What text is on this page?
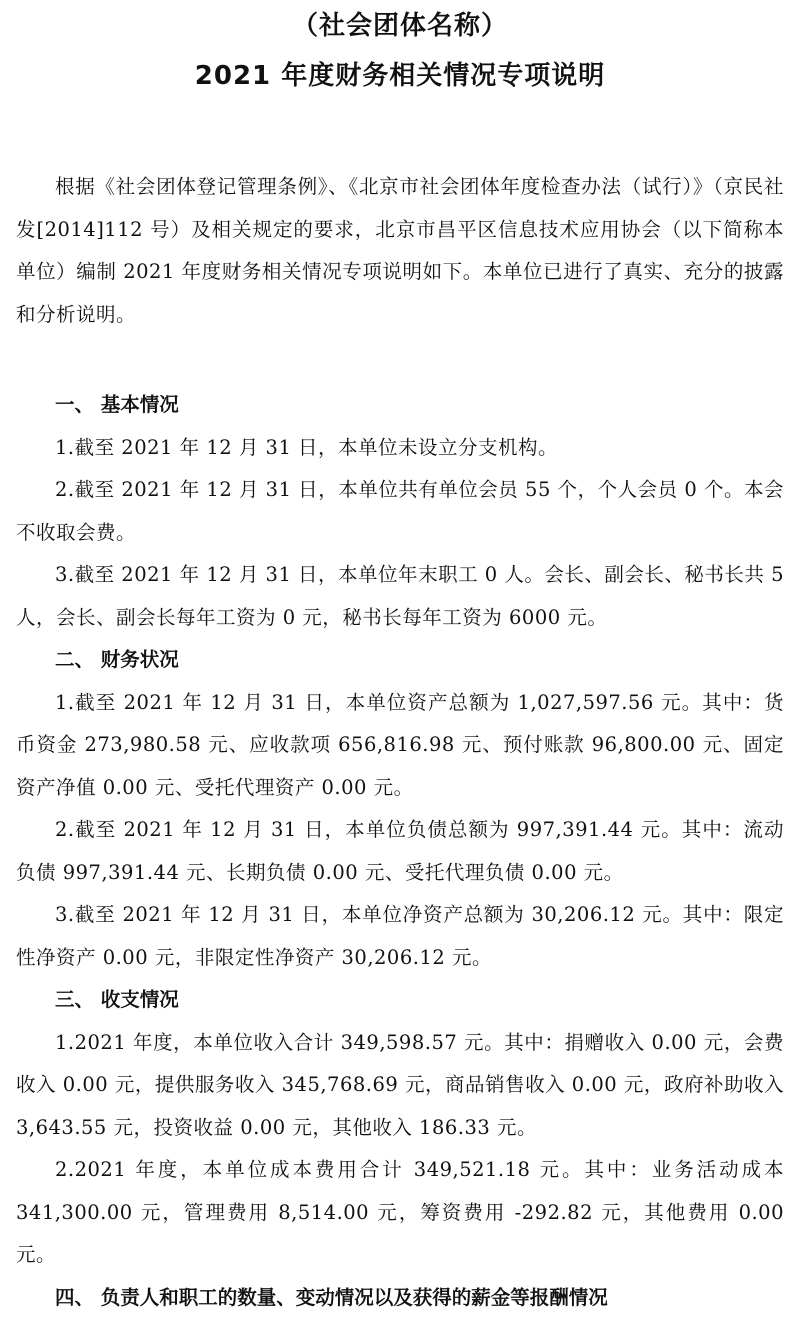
（社会团体名称）
2021 年度财务相关情况专项说明

根据《社会团体登记管理条例》、《北京市社会团体年度检查办法（试行）》（京民社发[2014]112 号）及相关规定的要求，北京市昌平区信息技术应用协会（以下简称本单位）编制 2021 年度财务相关情况专项说明如下。本单位已进行了真实、充分的披露和分析说明。

一、 基本情况

1.截至 2021 年 12 月 31 日，本单位未设立分支机构。

2.截至 2021 年 12 月 31 日，本单位共有单位会员 55 个，个人会员 0 个。本会不收取会费。

3.截至 2021 年 12 月 31 日，本单位年末职工 0 人。会长、副会长、秘书长共 5 人，会长、副会长每年工资为 0 元，秘书长每年工资为 6000 元。

二、 财务状况

1.截至 2021 年 12 月 31 日，本单位资产总额为 1,027,597.56 元。其中：货币资金 273,980.58 元、应收款项 656,816.98 元、预付账款 96,800.00 元、固定资产净值 0.00 元、受托代理资产 0.00 元。

2.截至 2021 年 12 月 31 日，本单位负债总额为 997,391.44 元。其中：流动负债 997,391.44 元、长期负债 0.00 元、受托代理负债 0.00 元。

3.截至 2021 年 12 月 31 日，本单位净资产总额为 30,206.12 元。其中：限定性净资产 0.00 元，非限定性净资产 30,206.12 元。

三、 收支情况

1.2021 年度，本单位收入合计 349,598.57 元。其中：捐赠收入 0.00 元，会费收入 0.00 元，提供服务收入 345,768.69 元，商品销售收入 0.00 元，政府补助收入 3,643.55 元，投资收益 0.00 元，其他收入 186.33 元。

2.2021 年度，本单位成本费用合计 349,521.18 元。其中：业务活动成本 341,300.00 元，管理费用 8,514.00 元，筹资费用 -292.82 元，其他费用 0.00 元。

四、 负责人和职工的数量、变动情况以及获得的薪金等报酬情况
